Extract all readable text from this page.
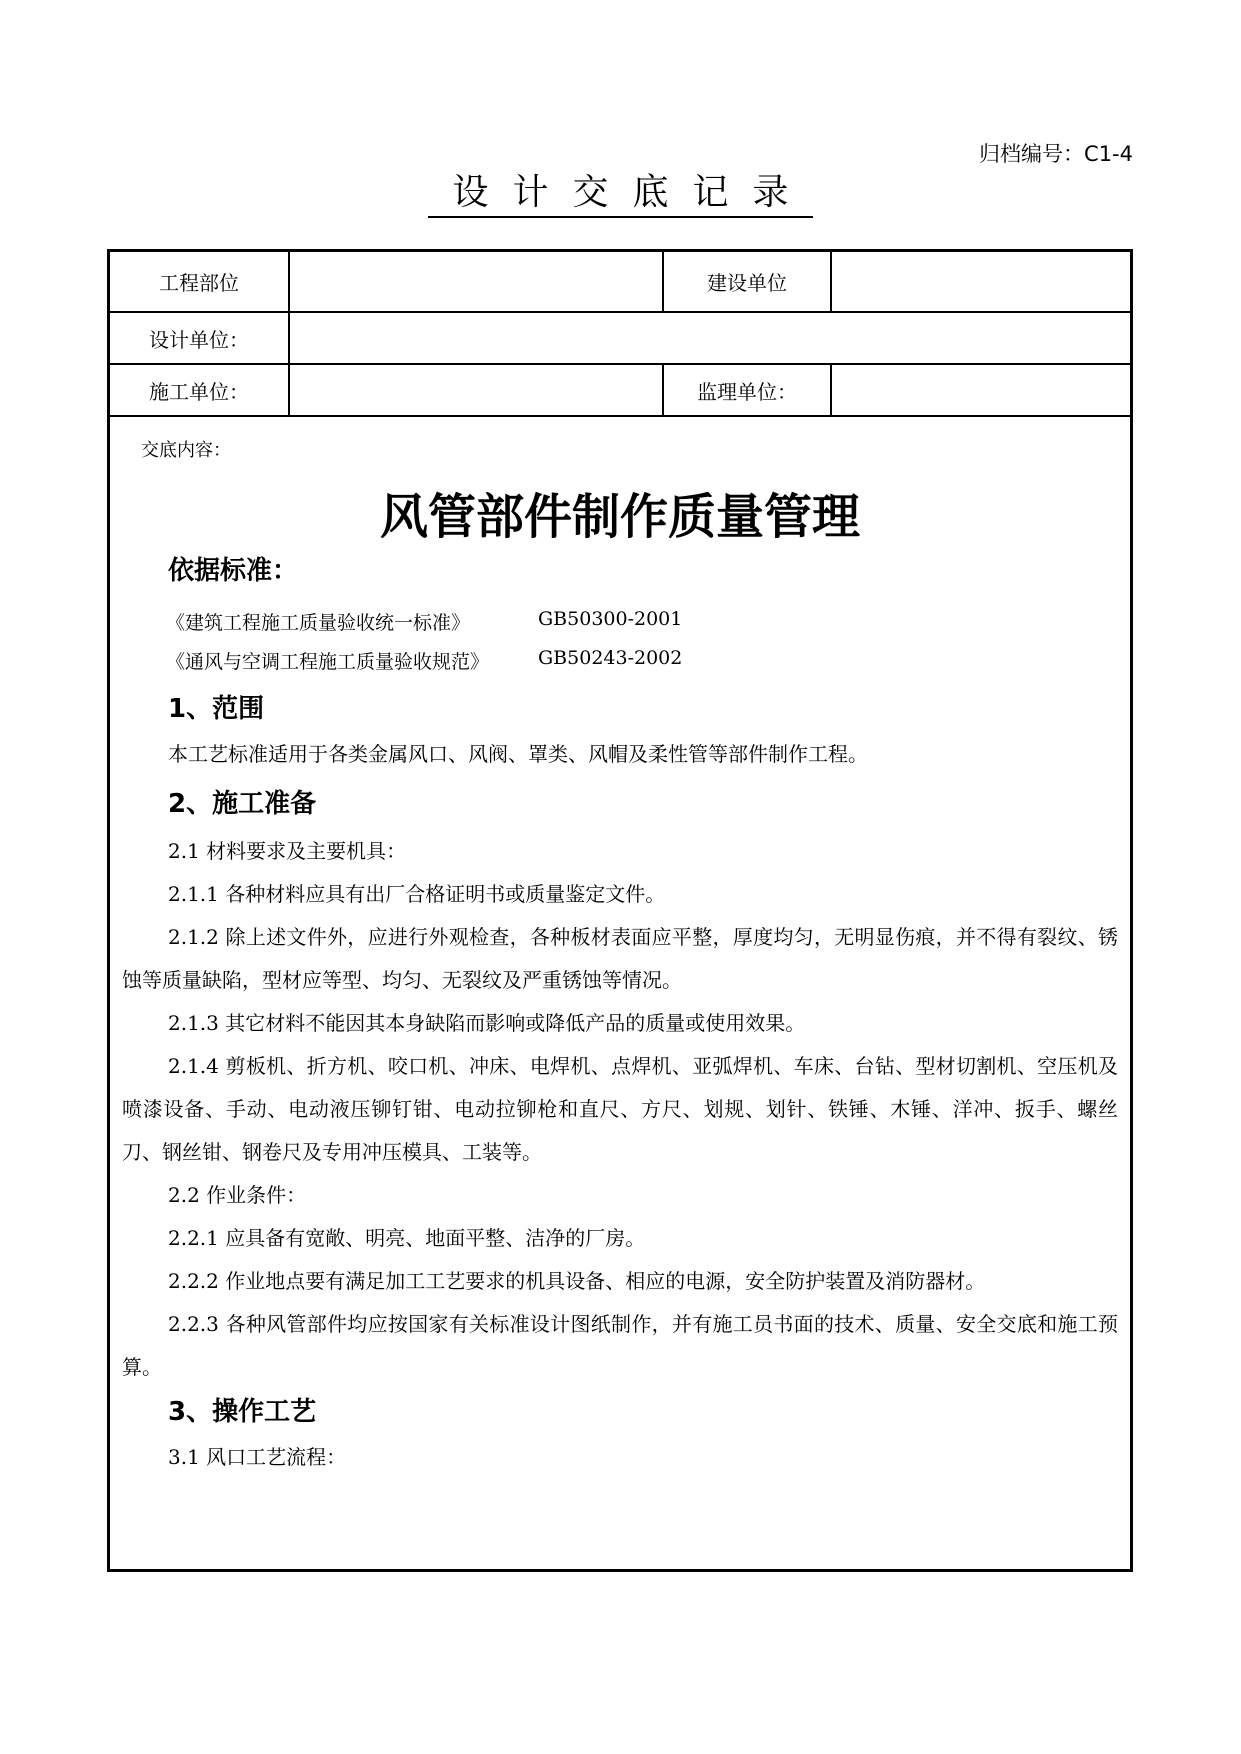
归档编号：C1-4
设计交底记录
工程部位	建设单位
设计单位：
施工单位：	监理单位：
交底内容：
风管部件制作质量管理
依据标准：
《建筑工程施工质量验收统一标准》	GB50300-2001
《通风与空调工程施工质量验收规范》	GB50243-2002
1、范围
本工艺标准适用于各类金属风口、风阀、罩类、风帽及柔性管等部件制作工程。
2、施工准备
2.1 材料要求及主要机具：
2.1.1 各种材料应具有出厂合格证明书或质量鉴定文件。
2.1.2 除上述文件外，应进行外观检查，各种板材表面应平整，厚度均匀，无明显伤痕，并不得有裂纹、锈蚀等质量缺陷，型材应等型、均匀、无裂纹及严重锈蚀等情况。
2.1.3 其它材料不能因其本身缺陷而影响或降低产品的质量或使用效果。
2.1.4 剪板机、折方机、咬口机、冲床、电焊机、点焊机、亚弧焊机、车床、台钻、型材切割机、空压机及喷漆设备、手动、电动液压铆钉钳、电动拉铆枪和直尺、方尺、划规、划针、铁锤、木锤、洋冲、扳手、螺丝刀、钢丝钳、钢卷尺及专用冲压模具、工装等。
2.2 作业条件：
2.2.1 应具备有宽敞、明亮、地面平整、洁净的厂房。
2.2.2 作业地点要有满足加工工艺要求的机具设备、相应的电源，安全防护装置及消防器材。
2.2.3 各种风管部件均应按国家有关标准设计图纸制作，并有施工员书面的技术、质量、安全交底和施工预算。
3、操作工艺
3.1 风口工艺流程：
